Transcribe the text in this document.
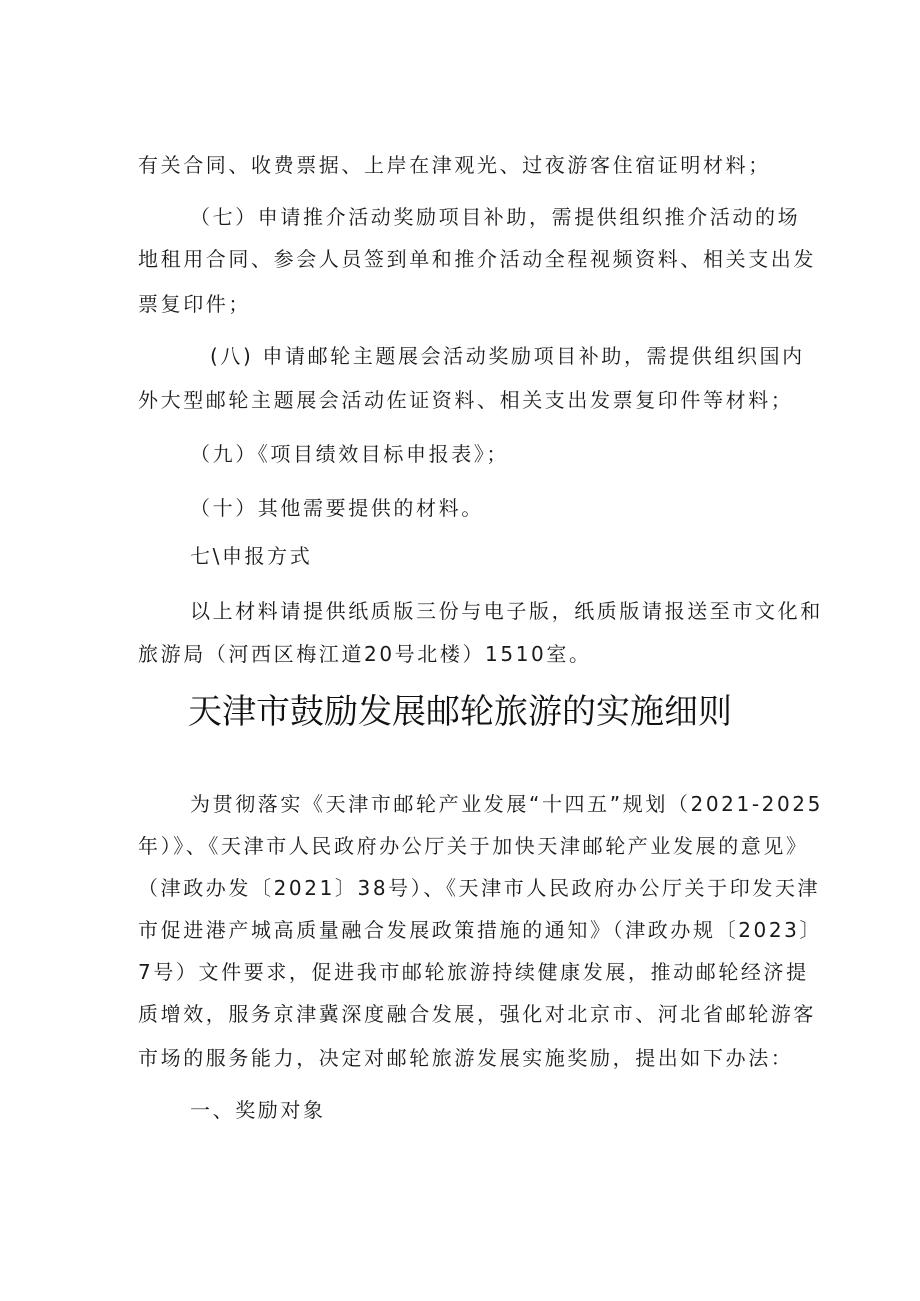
有关合同、收费票据、上岸在津观光、过夜游客住宿证明材料；
（七）申请推介活动奖励项目补助，需提供组织推介活动的场
地租用合同、参会人员签到单和推介活动全程视频资料、相关支出发
票复印件；
(八) 申请邮轮主题展会活动奖励项目补助，需提供组织国内
外大型邮轮主题展会活动佐证资料、相关支出发票复印件等材料；
（九）《项目绩效目标申报表》；
（十）其他需要提供的材料。
七\申报方式
以上材料请提供纸质版三份与电子版，纸质版请报送至市文化和
旅游局（河西区梅江道20号北楼）1510室。
天津市鼓励发展邮轮旅游的实施细则
为贯彻落实《天津市邮轮产业发展“十四五”规划（2021-2025
年）》、《天津市人民政府办公厅关于加快天津邮轮产业发展的意见》
（津政办发〔2021〕38号）、《天津市人民政府办公厅关于印发天津
市促进港产城高质量融合发展政策措施的通知》（津政办规〔2023〕
7号）文件要求，促进我市邮轮旅游持续健康发展，推动邮轮经济提
质增效，服务京津冀深度融合发展，强化对北京市、河北省邮轮游客
市场的服务能力，决定对邮轮旅游发展实施奖励，提出如下办法：
一、奖励对象
